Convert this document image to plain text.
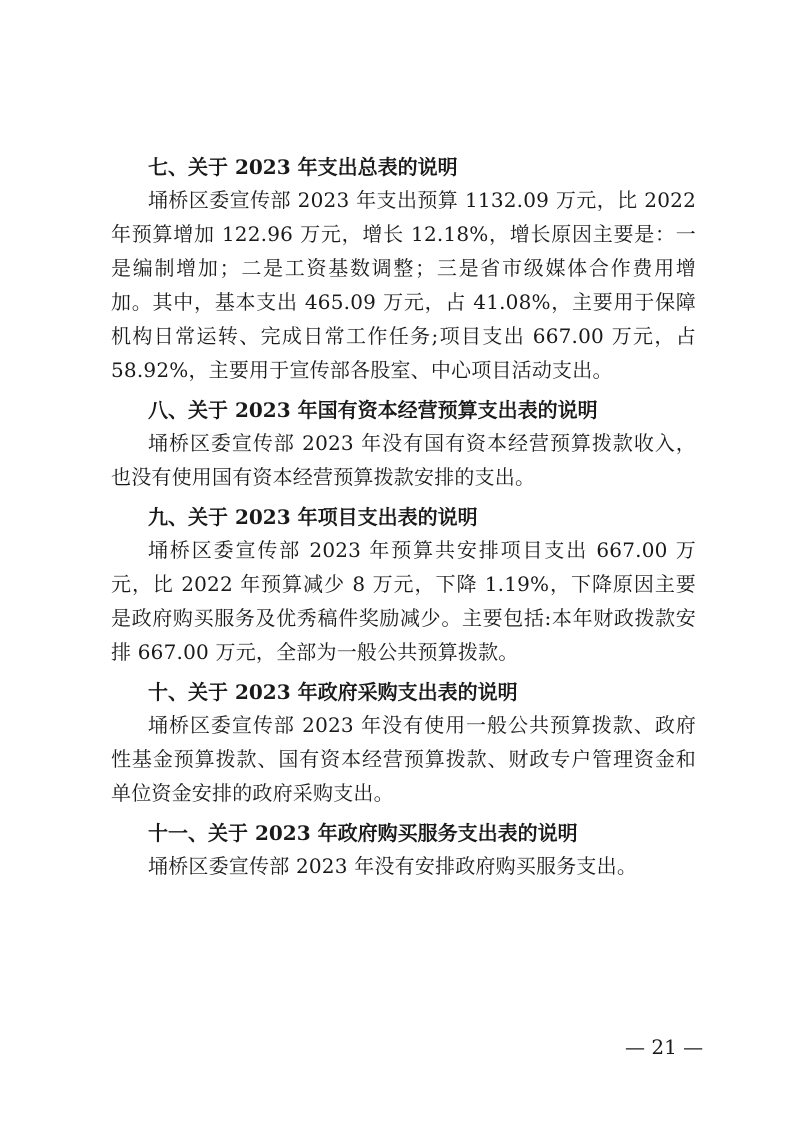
七、关于 2023 年支出总表的说明

埇桥区委宣传部 2023 年支出预算 1132.09 万元，比 2022 年预算增加 122.96 万元，增长 12.18%，增长原因主要是：一是编制增加；二是工资基数调整；三是省市级媒体合作费用增加。其中，基本支出 465.09 万元，占 41.08%，主要用于保障机构日常运转、完成日常工作任务;项目支出 667.00 万元，占 58.92%，主要用于宣传部各股室、中心项目活动支出。

八、关于 2023 年国有资本经营预算支出表的说明

埇桥区委宣传部 2023 年没有国有资本经营预算拨款收入，也没有使用国有资本经营预算拨款安排的支出。

九、关于 2023 年项目支出表的说明

埇桥区委宣传部 2023 年预算共安排项目支出 667.00 万元，比 2022 年预算减少 8 万元，下降 1.19%，下降原因主要是政府购买服务及优秀稿件奖励减少。主要包括:本年财政拨款安排 667.00 万元，全部为一般公共预算拨款。

十、关于 2023 年政府采购支出表的说明

埇桥区委宣传部 2023 年没有使用一般公共预算拨款、政府性基金预算拨款、国有资本经营预算拨款、财政专户管理资金和单位资金安排的政府采购支出。

十一、关于 2023 年政府购买服务支出表的说明

埇桥区委宣传部 2023 年没有安排政府购买服务支出。

— 21 —
